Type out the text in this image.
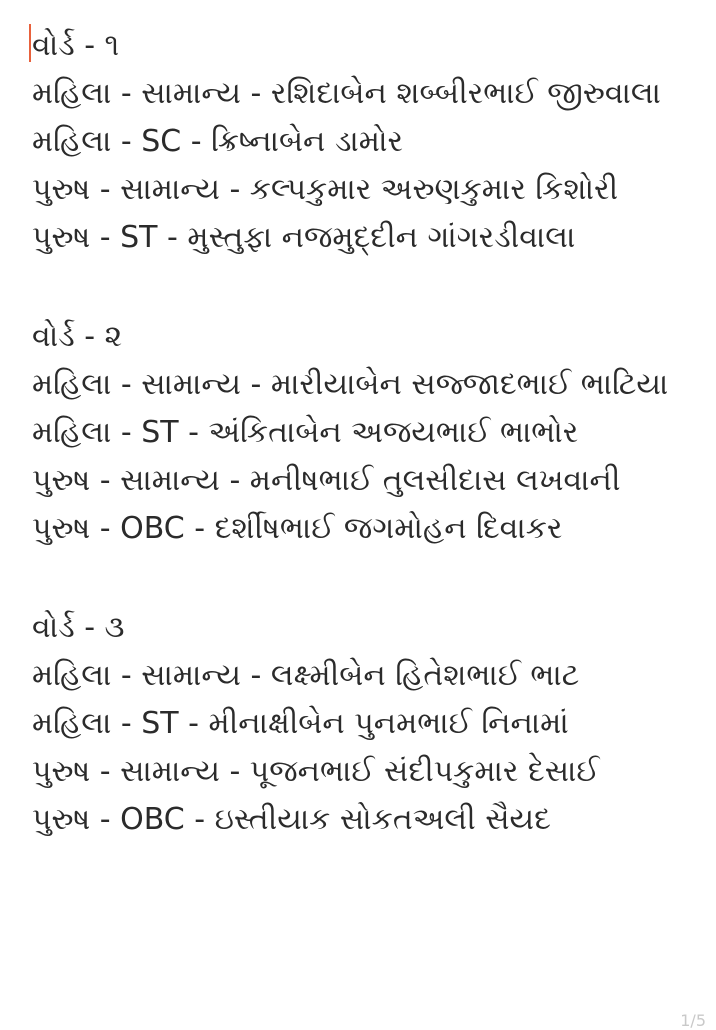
વોર્ડ - ૧
મહિલા - સામાન્ય - રશિદાબેન શબ્બીરભાઈ જીરુવાલા
મહિલા - SC - ક્રિષ્નાબેન ડામોર
પુરુષ - સામાન્ય - કલ્પકુમાર અરુણકુમાર કિશોરી
પુરુષ - ST - મુસ્તુફા નજમુદ્દીન ગાંગરડીવાલા
વોર્ડ - ૨
મહિલા - સામાન્ય - મારીયાબેન સજ્જાદભાઈ ભાટિયા
મહિલા - ST - અંકિતાબેન અજયભાઈ ભાભોર
પુરુષ - સામાન્ય - મનીષભાઈ તુલસીદાસ લખવાની
પુરુષ - OBC - દર્શીષભાઈ જગમોહન દિવાકર
વોર્ડ - ૩
મહિલા - સામાન્ય - લક્ષ્મીબેન હિતેશભાઈ ભાટ
મહિલા - ST - મીનાક્ષીબેન પુનમભાઈ નિનામાં
પુરુષ - સામાન્ય - પૂજનભાઈ સંદીપકુમાર દેસાઈ
પુરુષ - OBC - ઇસ્તીયાક સોકતઅલી સૈયદ
1/5
